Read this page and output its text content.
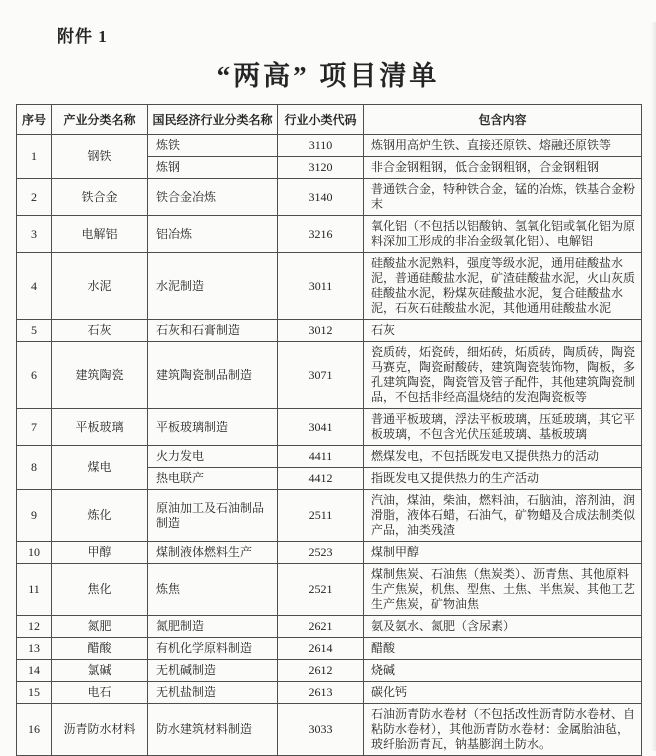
附件 1
“两高” 项目清单
序号	产业分类名称	国民经济行业分类名称	行业小类代码	包含内容
1	钢铁	炼铁	3110	炼钢用高炉生铁、直接还原铁、熔融还原铁等
		炼钢	3120	非合金钢粗钢，低合金钢粗钢，合金钢粗钢
2	铁合金	铁合金冶炼	3140	普通铁合金，特种铁合金，锰的冶炼，铁基合金粉末
3	电解铝	铝冶炼	3216	氧化铝（不包括以铝酸钠、氢氧化铝或氧化铝为原料深加工形成的非冶金级氧化铝）、电解铝
4	水泥	水泥制造	3011	硅酸盐水泥熟料，强度等级水泥，通用硅酸盐水泥，普通硅酸盐水泥，矿渣硅酸盐水泥，火山灰质硅酸盐水泥，粉煤灰硅酸盐水泥，复合硅酸盐水泥，石灰石硅酸盐水泥，其他通用硅酸盐水泥
5	石灰	石灰和石膏制造	3012	石灰
6	建筑陶瓷	建筑陶瓷制品制造	3071	瓷质砖，炻瓷砖，细炻砖，炻质砖，陶质砖，陶瓷马赛克，陶瓷耐酸砖，建筑陶瓷装饰物，陶板，多孔建筑陶瓷，陶瓷管及管子配件，其他建筑陶瓷制品，不包括非经高温烧结的发泡陶瓷板等
7	平板玻璃	平板玻璃制造	3041	普通平板玻璃，浮法平板玻璃，压延玻璃，其它平板玻璃，不包含光伏压延玻璃、基板玻璃
8	煤电	火力发电	4411	燃煤发电，不包括既发电又提供热力的活动
		热电联产	4412	指既发电又提供热力的生产活动
9	炼化	原油加工及石油制品制造	2511	汽油，煤油，柴油，燃料油，石脑油，溶剂油，润滑脂，液体石蜡，石油气，矿物蜡及合成法制类似产品，油类残渣
10	甲醇	煤制液体燃料生产	2523	煤制甲醇
11	焦化	炼焦	2521	煤制焦炭、石油焦（焦炭类）、沥青焦、其他原料生产焦炭，机焦、型焦、土焦、半焦炭、其他工艺生产焦炭，矿物油焦
12	氮肥	氮肥制造	2621	氨及氨水、氮肥（含尿素）
13	醋酸	有机化学原料制造	2614	醋酸
14	氯碱	无机碱制造	2612	烧碱
15	电石	无机盐制造	2613	碳化钙
16	沥青防水材料	防水建筑材料制造	3033	石油沥青防水卷材（不包括改性沥青防水卷材、自粘防水卷材），其他沥青防水卷材：金属胎油毡，玻纤胎沥青瓦，钠基膨润土防水。
